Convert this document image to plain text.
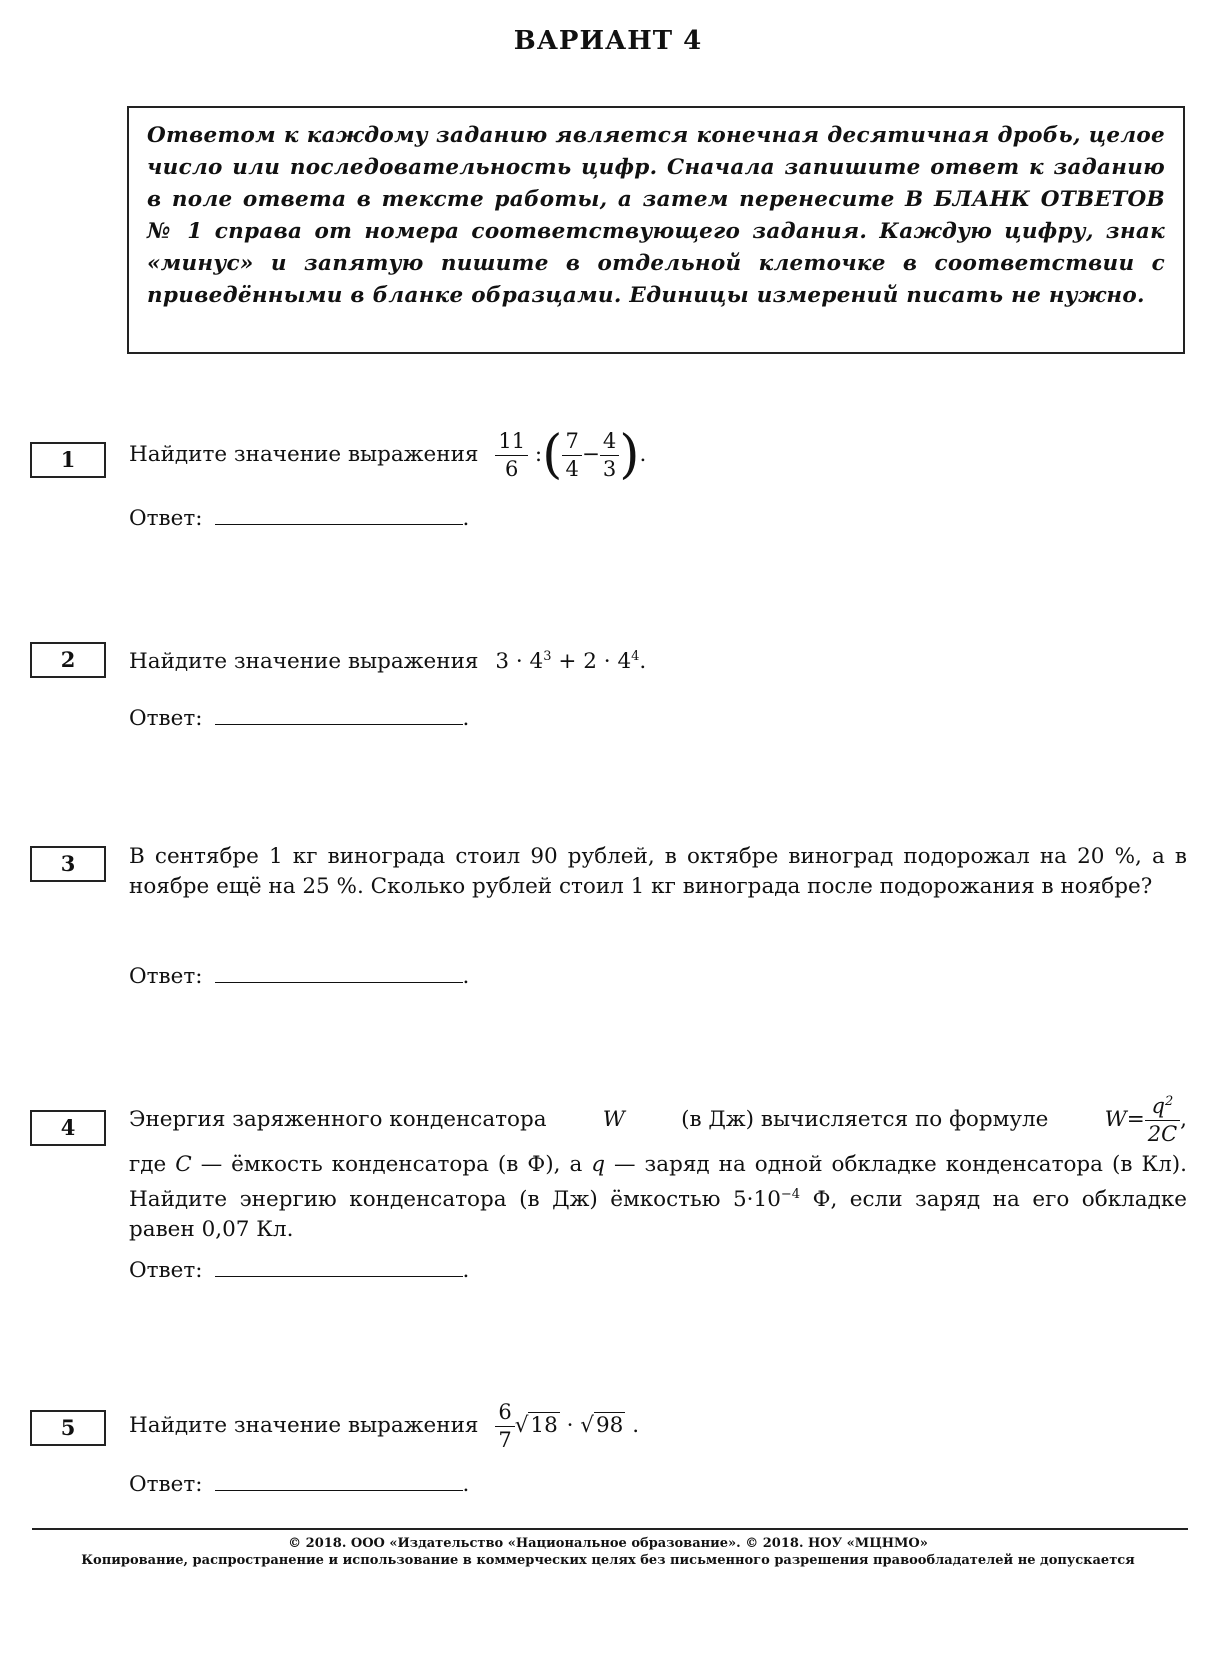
ВАРИАНТ 4
Ответом к каждому заданию является конечная десятичная дробь, целое число или последовательность цифр. Сначала запишите ответ к заданию в поле ответа в тексте работы, а затем перенесите В БЛАНК ОТВЕТОВ № 1 справа от номера соответствующего задания. Каждую цифру, знак «минус» и запятую пишите в отдельной клеточке в соответствии с приведёнными в бланке образцами. Единицы измерений писать не нужно.
1	Найдите значение выражения $\frac{11}{6}$ :( $\frac{7}{4} - \frac{4}{3}$ ).
Ответ:	.
2	Найдите значение выражения $3 \cdot 4^3 + 2 \cdot 4^4$.
Ответ:	.
3	В сентябре 1 кг винограда стоил 90 рублей, в октябре виноград подорожал на 20 %, а в ноябре ещё на 25 %. Сколько рублей стоил 1 кг винограда после подорожания в ноябре?
Ответ:	.
4	Энергия заряженного конденсатора	W	(в Дж) вычисляется по формуле	$W= \frac{q^2}{2C}$ ,
где C — ёмкость конденсатора (в Ф), а q — заряд на одной обкладке конденсатора (в Кл). Найдите энергию конденсатора (в Дж) ёмкостью $5\cdot 10^{-4}$ Ф, если заряд на его обкладке равен 0,07 Кл.
Ответ:	.
5	Найдите значение выражения $\frac{6}{7} √18 \cdot √98$ .
Ответ:	.
© 2018. ООО «Издательство «Национальное образование». © 2018. НОУ «МЦНМО»
Копирование, распространение и использование в коммерческих целях без письменного разрешения правообладателей не допускается
